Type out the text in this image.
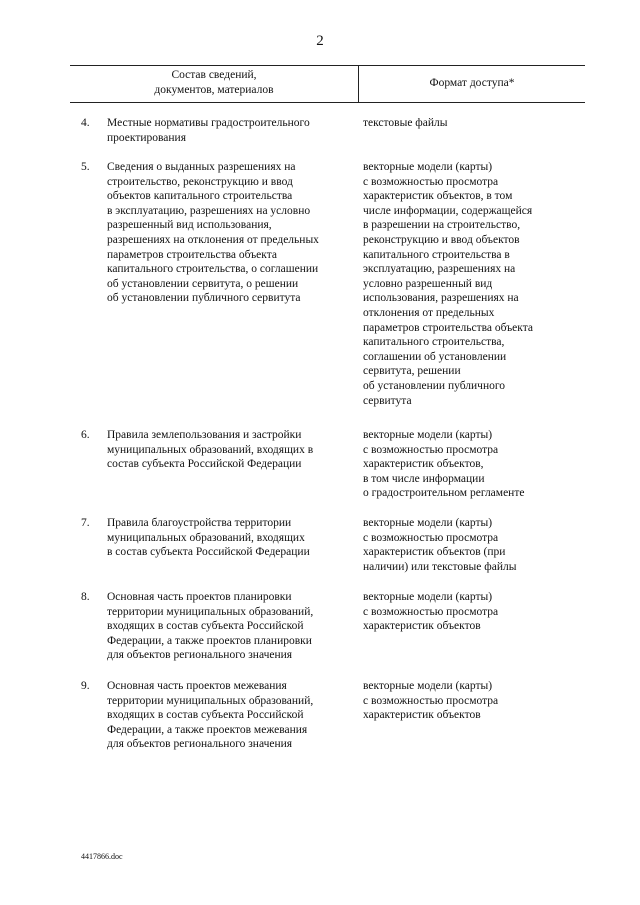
2
Состав сведений,
документов, материалов
Формат доступа*
4. Местные нормативы градостроительного
проектирования
текстовые файлы
5. Сведения о выданных разрешениях на
строительство, реконструкцию и ввод
объектов капитального строительства
в эксплуатацию, разрешениях на условно
разрешенный вид использования,
разрешениях на отклонения от предельных
параметров строительства объекта
капитального строительства, о соглашении
об установлении сервитута, о решении
об установлении публичного сервитута
векторные модели (карты)
с возможностью просмотра
характеристик объектов, в том
числе информации, содержащейся
в разрешении на строительство,
реконструкцию и ввод объектов
капитального строительства в
эксплуатацию, разрешениях на
условно разрешенный вид
использования, разрешениях на
отклонения от предельных
параметров строительства объекта
капитального строительства,
соглашении об установлении
сервитута, решении
об установлении публичного
сервитута
6. Правила землепользования и застройки
муниципальных образований, входящих в
состав субъекта Российской Федерации
векторные модели (карты)
с возможностью просмотра
характеристик объектов,
в том числе информации
о градостроительном регламенте
7. Правила благоустройства территории
муниципальных образований, входящих
в состав субъекта Российской Федерации
векторные модели (карты)
с возможностью просмотра
характеристик объектов (при
наличии) или текстовые файлы
8. Основная часть проектов планировки
территории муниципальных образований,
входящих в состав субъекта Российской
Федерации, а также проектов планировки
для объектов регионального значения
векторные модели (карты)
с возможностью просмотра
характеристик объектов
9. Основная часть проектов межевания
территории муниципальных образований,
входящих в состав субъекта Российской
Федерации, а также проектов межевания
для объектов регионального значения
векторные модели (карты)
с возможностью просмотра
характеристик объектов
4417866.doc
